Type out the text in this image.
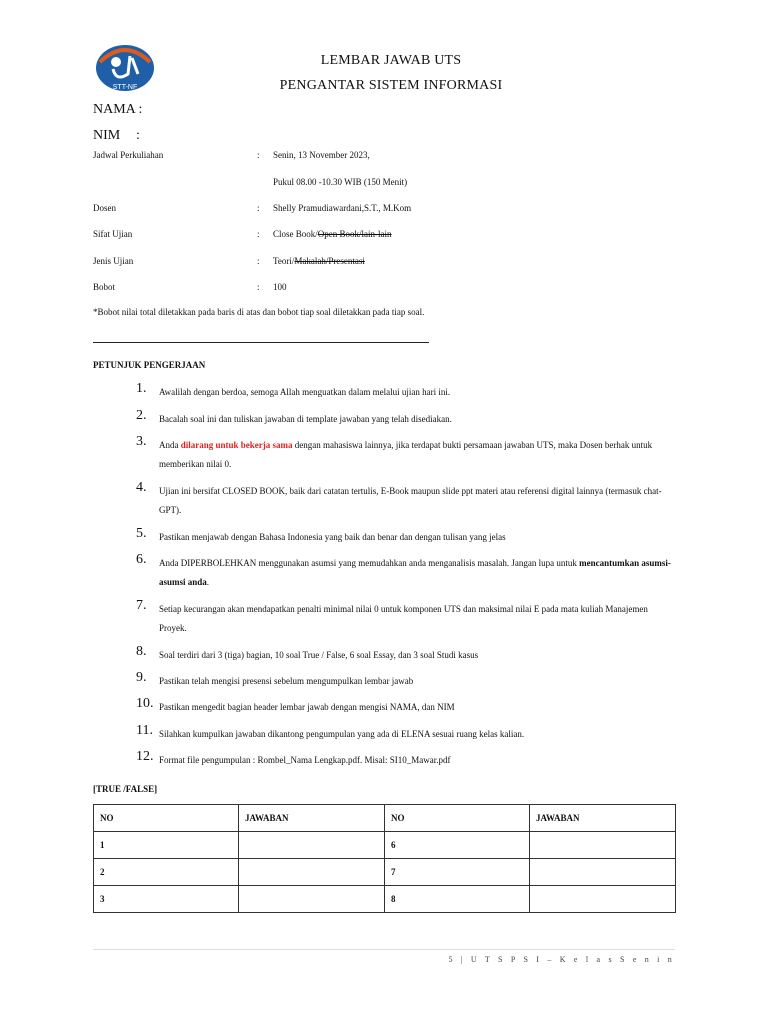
STT-NF
LEMBAR JAWAB UTS
PENGANTAR SISTEM INFORMASI
NAMA :
NIM :
Jadwal Perkuliahan	: Senin, 13 November 2023,
Pukul 08.00 -10.30 WIB (150 Menit)
Dosen	: Shelly Pramudiawardani,S.T., M.Kom
Sifat Ujian	: Close Book/Open Book/lain-lain
Jenis Ujian	: Teori/Makalah/Presentasi
Bobot	: 100
*Bobot nilai total diletakkan pada baris di atas dan bobot tiap soal diletakkan pada tiap soal.
PETUNJUK PENGERJAAN
1.	Awalilah dengan berdoa, semoga Allah menguatkan dalam melalui ujian hari ini.
2.	Bacalah soal ini dan tuliskan jawaban di template jawaban yang telah disediakan.
3.	Anda dilarang untuk bekerja sama dengan mahasiswa lainnya, jika terdapat bukti persamaan jawaban UTS, maka Dosen berhak untuk memberikan nilai 0.
4.	Ujian ini bersifat CLOSED BOOK, baik dari catatan tertulis, E-Book maupun slide ppt materi atau referensi digital lainnya (termasuk chat-GPT).
5.	Pastikan menjawab dengan Bahasa Indonesia yang baik dan benar dan dengan tulisan yang jelas
6.	Anda DIPERBOLEHKAN menggunakan asumsi yang memudahkan anda menganalisis masalah. Jangan lupa untuk mencantumkan asumsi-asumsi anda.
7.	Setiap kecurangan akan mendapatkan penalti minimal nilai 0 untuk komponen UTS dan maksimal nilai E pada mata kuliah Manajemen Proyek.
8.	Soal terdiri dari 3 (tiga) bagian, 10 soal True / False, 6 soal Essay, dan 3 soal Studi kasus
9.	Pastikan telah mengisi presensi sebelum mengumpulkan lembar jawab
10. Pastikan mengedit bagian header lembar jawab dengan mengisi NAMA, dan NIM
11. Silahkan kumpulkan jawaban dikantong pengumpulan yang ada di ELENA sesuai ruang kelas kalian.
12. Format file pengumpulan : Rombel_Nama Lengkap.pdf. Misal: SI10_Mawar.pdf
[TRUE /FALSE]
NO	JAWABAN	NO	JAWABAN
1		6	
2		7	
3		8	
5 | U T S P S I – K e l a s S e n i n
